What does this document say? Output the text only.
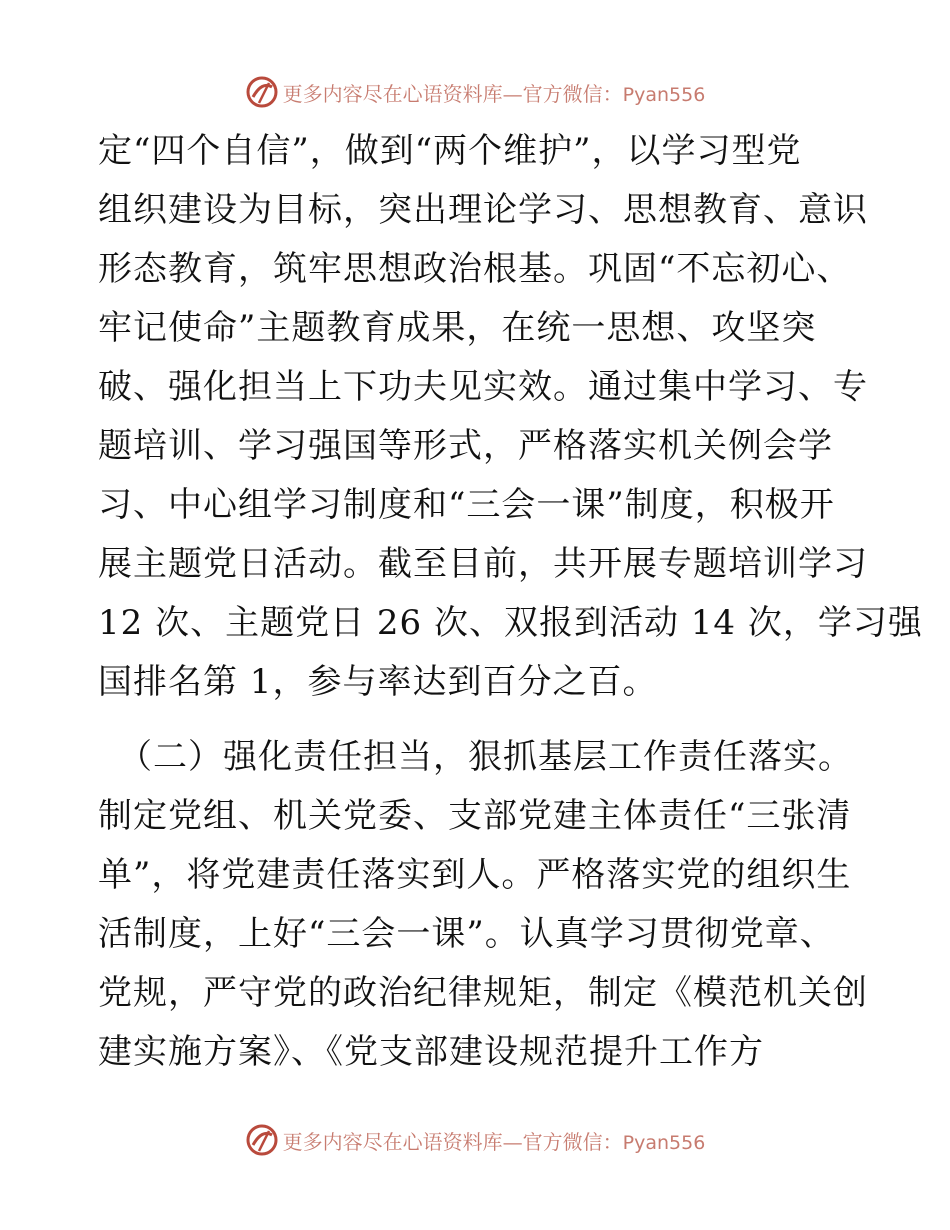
更多内容尽在心语资料库—官方微信：Pyan556
定“四个自信”，做到“两个维护”，以学习型党
组织建设为目标，突出理论学习、思想教育、意识
形态教育，筑牢思想政治根基。巩固“不忘初心、
牢记使命”主题教育成果，在统一思想、攻坚突
破、强化担当上下功夫见实效。通过集中学习、专
题培训、学习强国等形式，严格落实机关例会学
习、中心组学习制度和“三会一课”制度，积极开
展主题党日活动。截至目前，共开展专题培训学习
12 次、主题党日 26 次、双报到活动 14 次，学习强
国排名第 1，参与率达到百分之百。
（二）强化责任担当，狠抓基层工作责任落实。
制定党组、机关党委、支部党建主体责任“三张清
单”，将党建责任落实到人。严格落实党的组织生
活制度，上好“三会一课”。认真学习贯彻党章、
党规，严守党的政治纪律规矩，制定《模范机关创
建实施方案》、《党支部建设规范提升工作方
更多内容尽在心语资料库—官方微信：Pyan556
